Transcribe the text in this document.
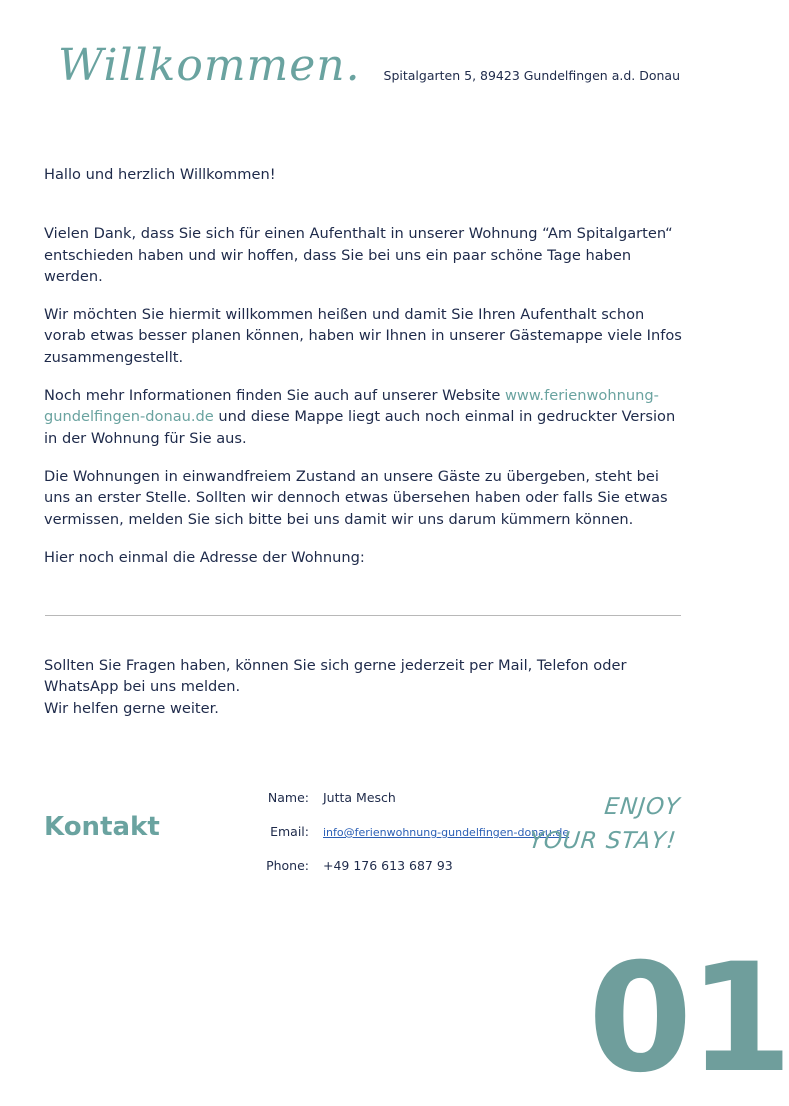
Willkommen. Spitalgarten 5, 89423 Gundelfingen a.d. Donau

Hallo und herzlich Willkommen!

Vielen Dank, dass Sie sich für einen Aufenthalt in unserer Wohnung “Am Spitalgarten“ entschieden haben und wir hoffen, dass Sie bei uns ein paar schöne Tage haben werden.

Wir möchten Sie hiermit willkommen heißen und damit Sie Ihren Aufenthalt schon vorab etwas besser planen können, haben wir Ihnen in unserer Gästemappe viele Infos zusammengestellt.

Noch mehr Informationen finden Sie auch auf unserer Website www.ferienwohnung-gundelfingen-donau.de und diese Mappe liegt auch noch einmal in gedruckter Version in der Wohnung für Sie aus.

Die Wohnungen in einwandfreiem Zustand an unsere Gäste zu übergeben, steht bei uns an erster Stelle. Sollten wir dennoch etwas übersehen haben oder falls Sie etwas vermissen, melden Sie sich bitte bei uns damit wir uns darum kümmern können.

Hier noch einmal die Adresse der Wohnung:

Sollten Sie Fragen haben, können Sie sich gerne jederzeit per Mail, Telefon oder WhatsApp bei uns melden.

Wir helfen gerne weiter.

Kontakt
Name:	Jutta Mesch
Email:	info@ferienwohnung-gundelfingen-donau.de
Phone:	+49 176 613 687 93
ENJOY
YOUR STAY!
01
